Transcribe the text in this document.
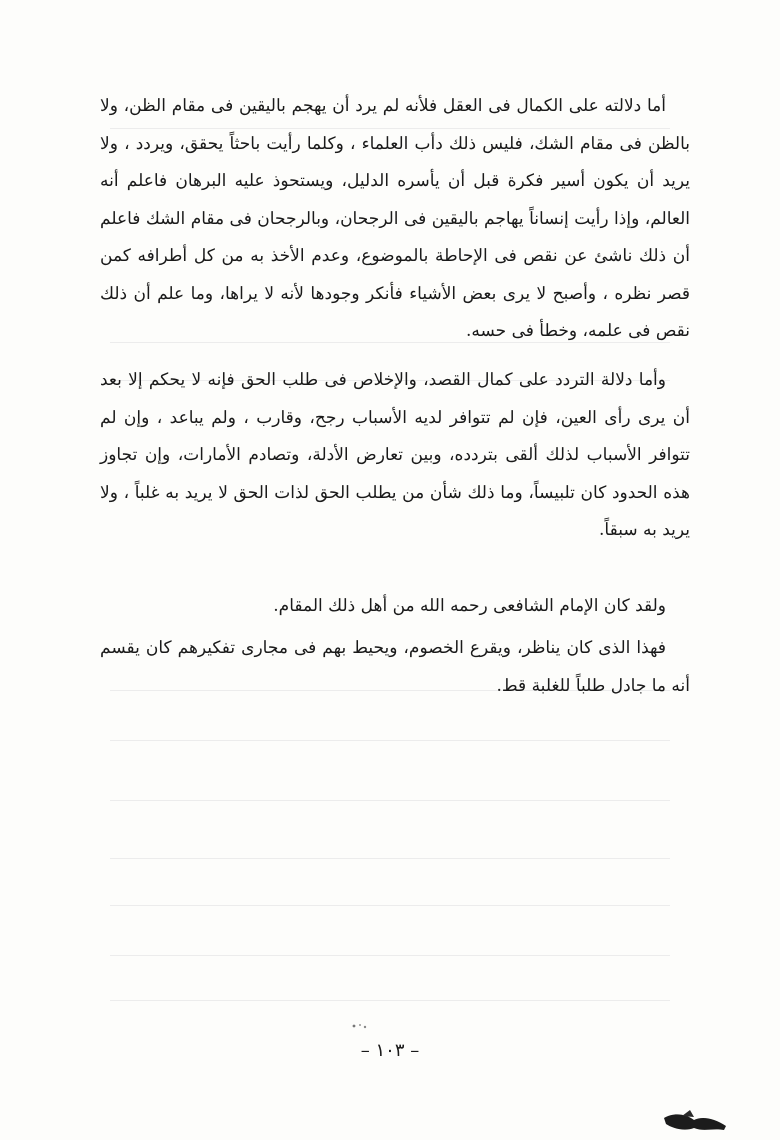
أما دلالته على الكمال فى العقل فلأنه لم يرد أن يهجم باليقين فى مقام الظن، ولا بالظن فى مقام الشك، فليس ذلك دأب العلماء ، وكلما رأيت باحثاً يحقق، ويردد ، ولا يريد أن يكون أسير فكرة قبل أن يأسره الدليل، ويستحوذ عليه البرهان فاعلم أنه العالم، وإذا رأيت إنساناً يهاجم باليقين فى الرجحان، وبالرجحان فى مقام الشك فاعلم أن ذلك ناشئ عن نقص فى الإحاطة بالموضوع، وعدم الأخذ به من كل أطرافه كمن قصر نظره ، وأصبح لا يرى بعض الأشياء فأنكر وجودها لأنه لا يراها، وما علم أن ذلك نقص فى علمه، وخطأ فى حسه.

وأما دلالة التردد على كمال القصد، والإخلاص فى طلب الحق فإنه لا يحكم إلا بعد أن يرى رأى العين، فإن لم تتوافر لديه الأسباب رجح، وقارب ، ولم يباعد ، وإن لم تتوافر الأسباب لذلك ألقى بتردده، وبين تعارض الأدلة، وتصادم الأمارات، وإن تجاوز هذه الحدود كان تلبيساً، وما ذلك شأن من يطلب الحق لذات الحق لا يريد به غلباً ، ولا يريد به سبقاً.

ولقد كان الإمام الشافعى رحمه الله من أهل ذلك المقام.

فهذا الذى كان يناظر، ويقرع الخصوم، ويحيط بهم فى مجارى تفكيرهم كان يقسم أنه ما جادل طلباً للغلبة قط.

– ١٠٣ –
